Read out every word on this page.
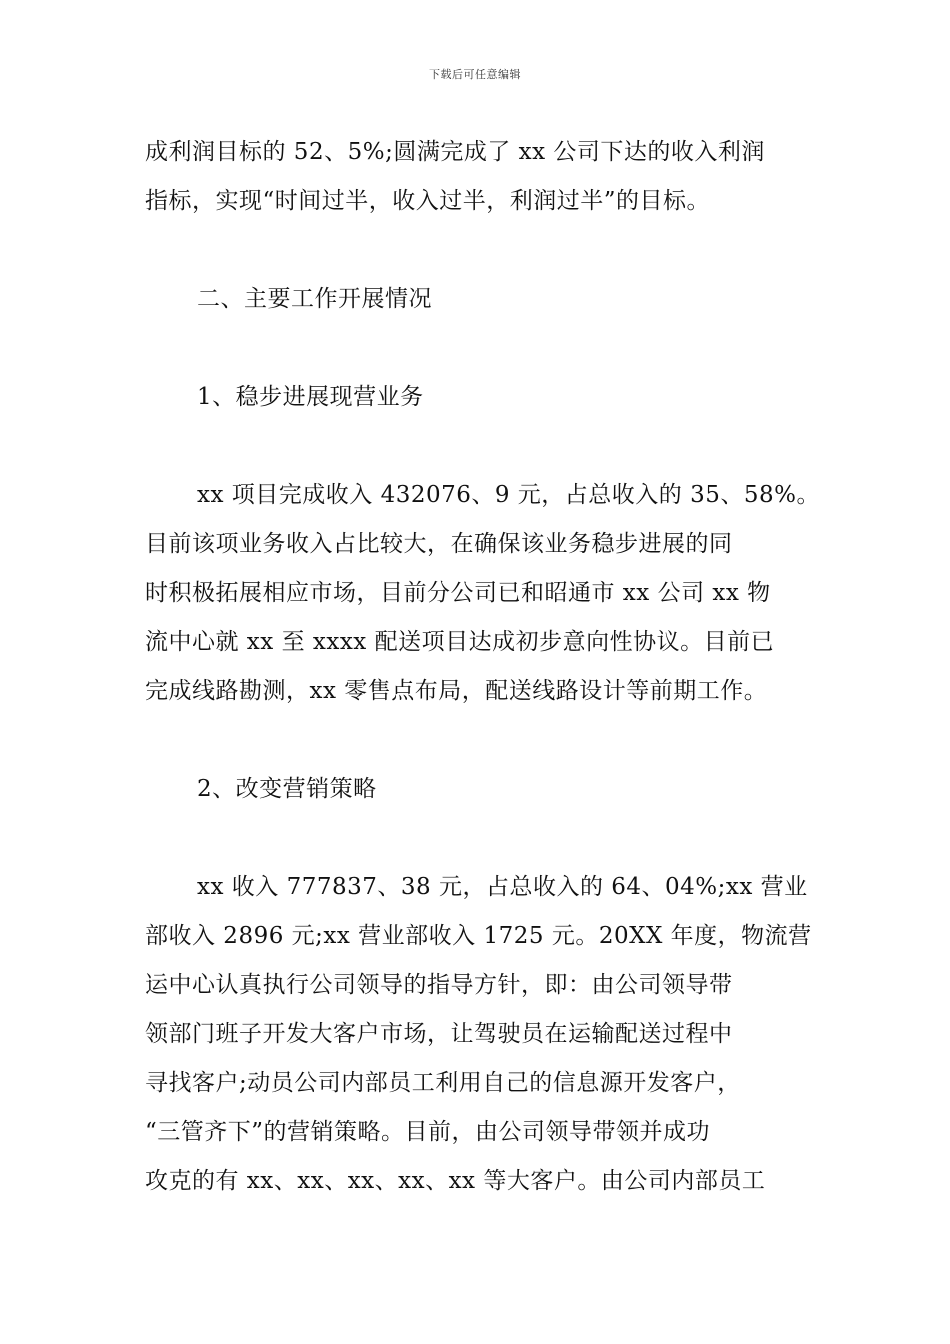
下载后可任意编辑
成利润目标的 52、5%;圆满完成了 xx 公司下达的收入利润
指标，实现“时间过半，收入过半，利润过半”的目标。
二、主要工作开展情况
1、稳步进展现营业务
xx 项目完成收入 432076、9 元，占总收入的 35、58%。
目前该项业务收入占比较大，在确保该业务稳步进展的同
时积极拓展相应市场，目前分公司已和昭通市 xx 公司 xx 物
流中心就 xx 至 xxxx 配送项目达成初步意向性协议。目前已
完成线路勘测，xx 零售点布局，配送线路设计等前期工作。
2、改变营销策略
xx 收入 777837、38 元，占总收入的 64、04%;xx 营业
部收入 2896 元;xx 营业部收入 1725 元。20XX 年度，物流营
运中心认真执行公司领导的指导方针，即：由公司领导带
领部门班子开发大客户市场，让驾驶员在运输配送过程中
寻找客户;动员公司内部员工利用自己的信息源开发客户，
“三管齐下”的营销策略。目前，由公司领导带领并成功
攻克的有 xx、xx、xx、xx、xx 等大客户。由公司内部员工
